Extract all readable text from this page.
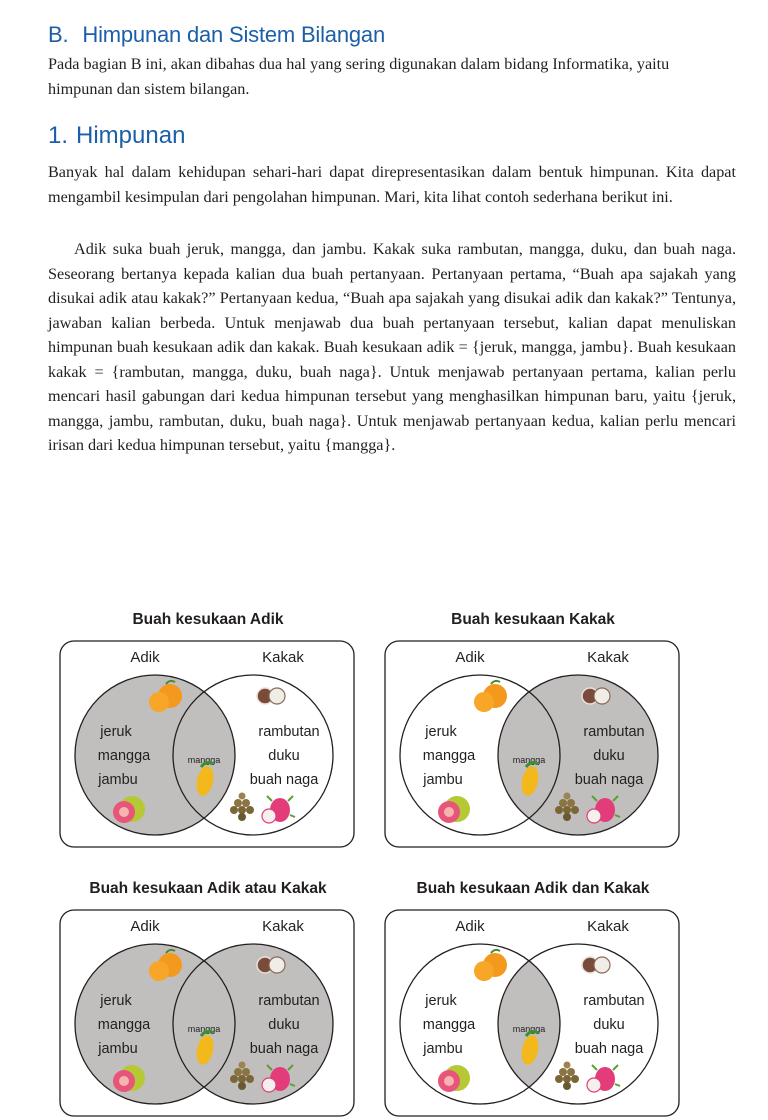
B. Himpunan dan Sistem Bilangan

Pada bagian B ini, akan dibahas dua hal yang sering digunakan dalam bidang Informatika, yaitu himpunan dan sistem bilangan.

1. Himpunan

Banyak hal dalam kehidupan sehari-hari dapat direpresentasikan dalam bentuk himpunan. Kita dapat mengambil kesimpulan dari pengolahan himpunan. Mari, kita lihat contoh sederhana berikut ini.

Adik suka buah jeruk, mangga, dan jambu. Kakak suka rambutan, mangga, duku, dan buah naga. Seseorang bertanya kepada kalian dua buah pertanyaan. Pertanyaan pertama, “Buah apa sajakah yang disukai adik atau kakak?” Pertanyaan kedua, “Buah apa sajakah yang disukai adik dan kakak?” Tentunya, jawaban kalian berbeda. Untuk menjawab dua buah pertanyaan tersebut, kalian dapat menuliskan himpunan buah kesukaan adik dan kakak. Buah kesukaan adik = {jeruk, mangga, jambu}. Buah kesukaan kakak = {rambutan, mangga, duku, buah naga}. Untuk menjawab pertanyaan pertama, kalian perlu mencari hasil gabungan dari kedua himpunan tersebut yang menghasilkan himpunan baru, yaitu {jeruk, mangga, jambu, rambutan, duku, buah naga}. Untuk menjawab pertanyaan kedua, kalian perlu mencari irisan dari kedua himpunan tersebut, yaitu {mangga}.

Buah kesukaan Adik
Adik	Kakak
jeruk
mangga
jambu
rambutan
duku
buah naga
mangga
Buah kesukaan Kakak
Adik	Kakak
jeruk
mangga
jambu
rambutan
duku
buah naga
mangga
Buah kesukaan Adik atau Kakak
Adik	Kakak
jeruk
mangga
jambu
rambutan
duku
buah naga
mangga
Buah kesukaan Adik dan Kakak
Adik	Kakak
jeruk
mangga
jambu
rambutan
duku
buah naga
mangga
